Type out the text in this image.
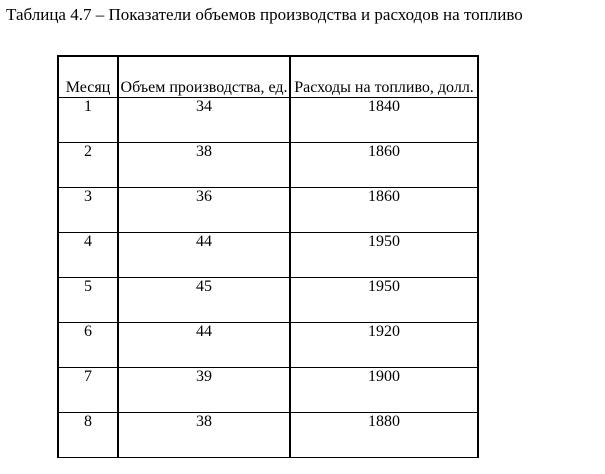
Таблица 4.7 – Показатели объемов производства и расходов на топливо
Месяц	Объем производства, ед.	Расходы на топливо, долл.
1	34	1840
2	38	1860
3	36	1860
4	44	1950
5	45	1950
6	44	1920
7	39	1900
8	38	1880
